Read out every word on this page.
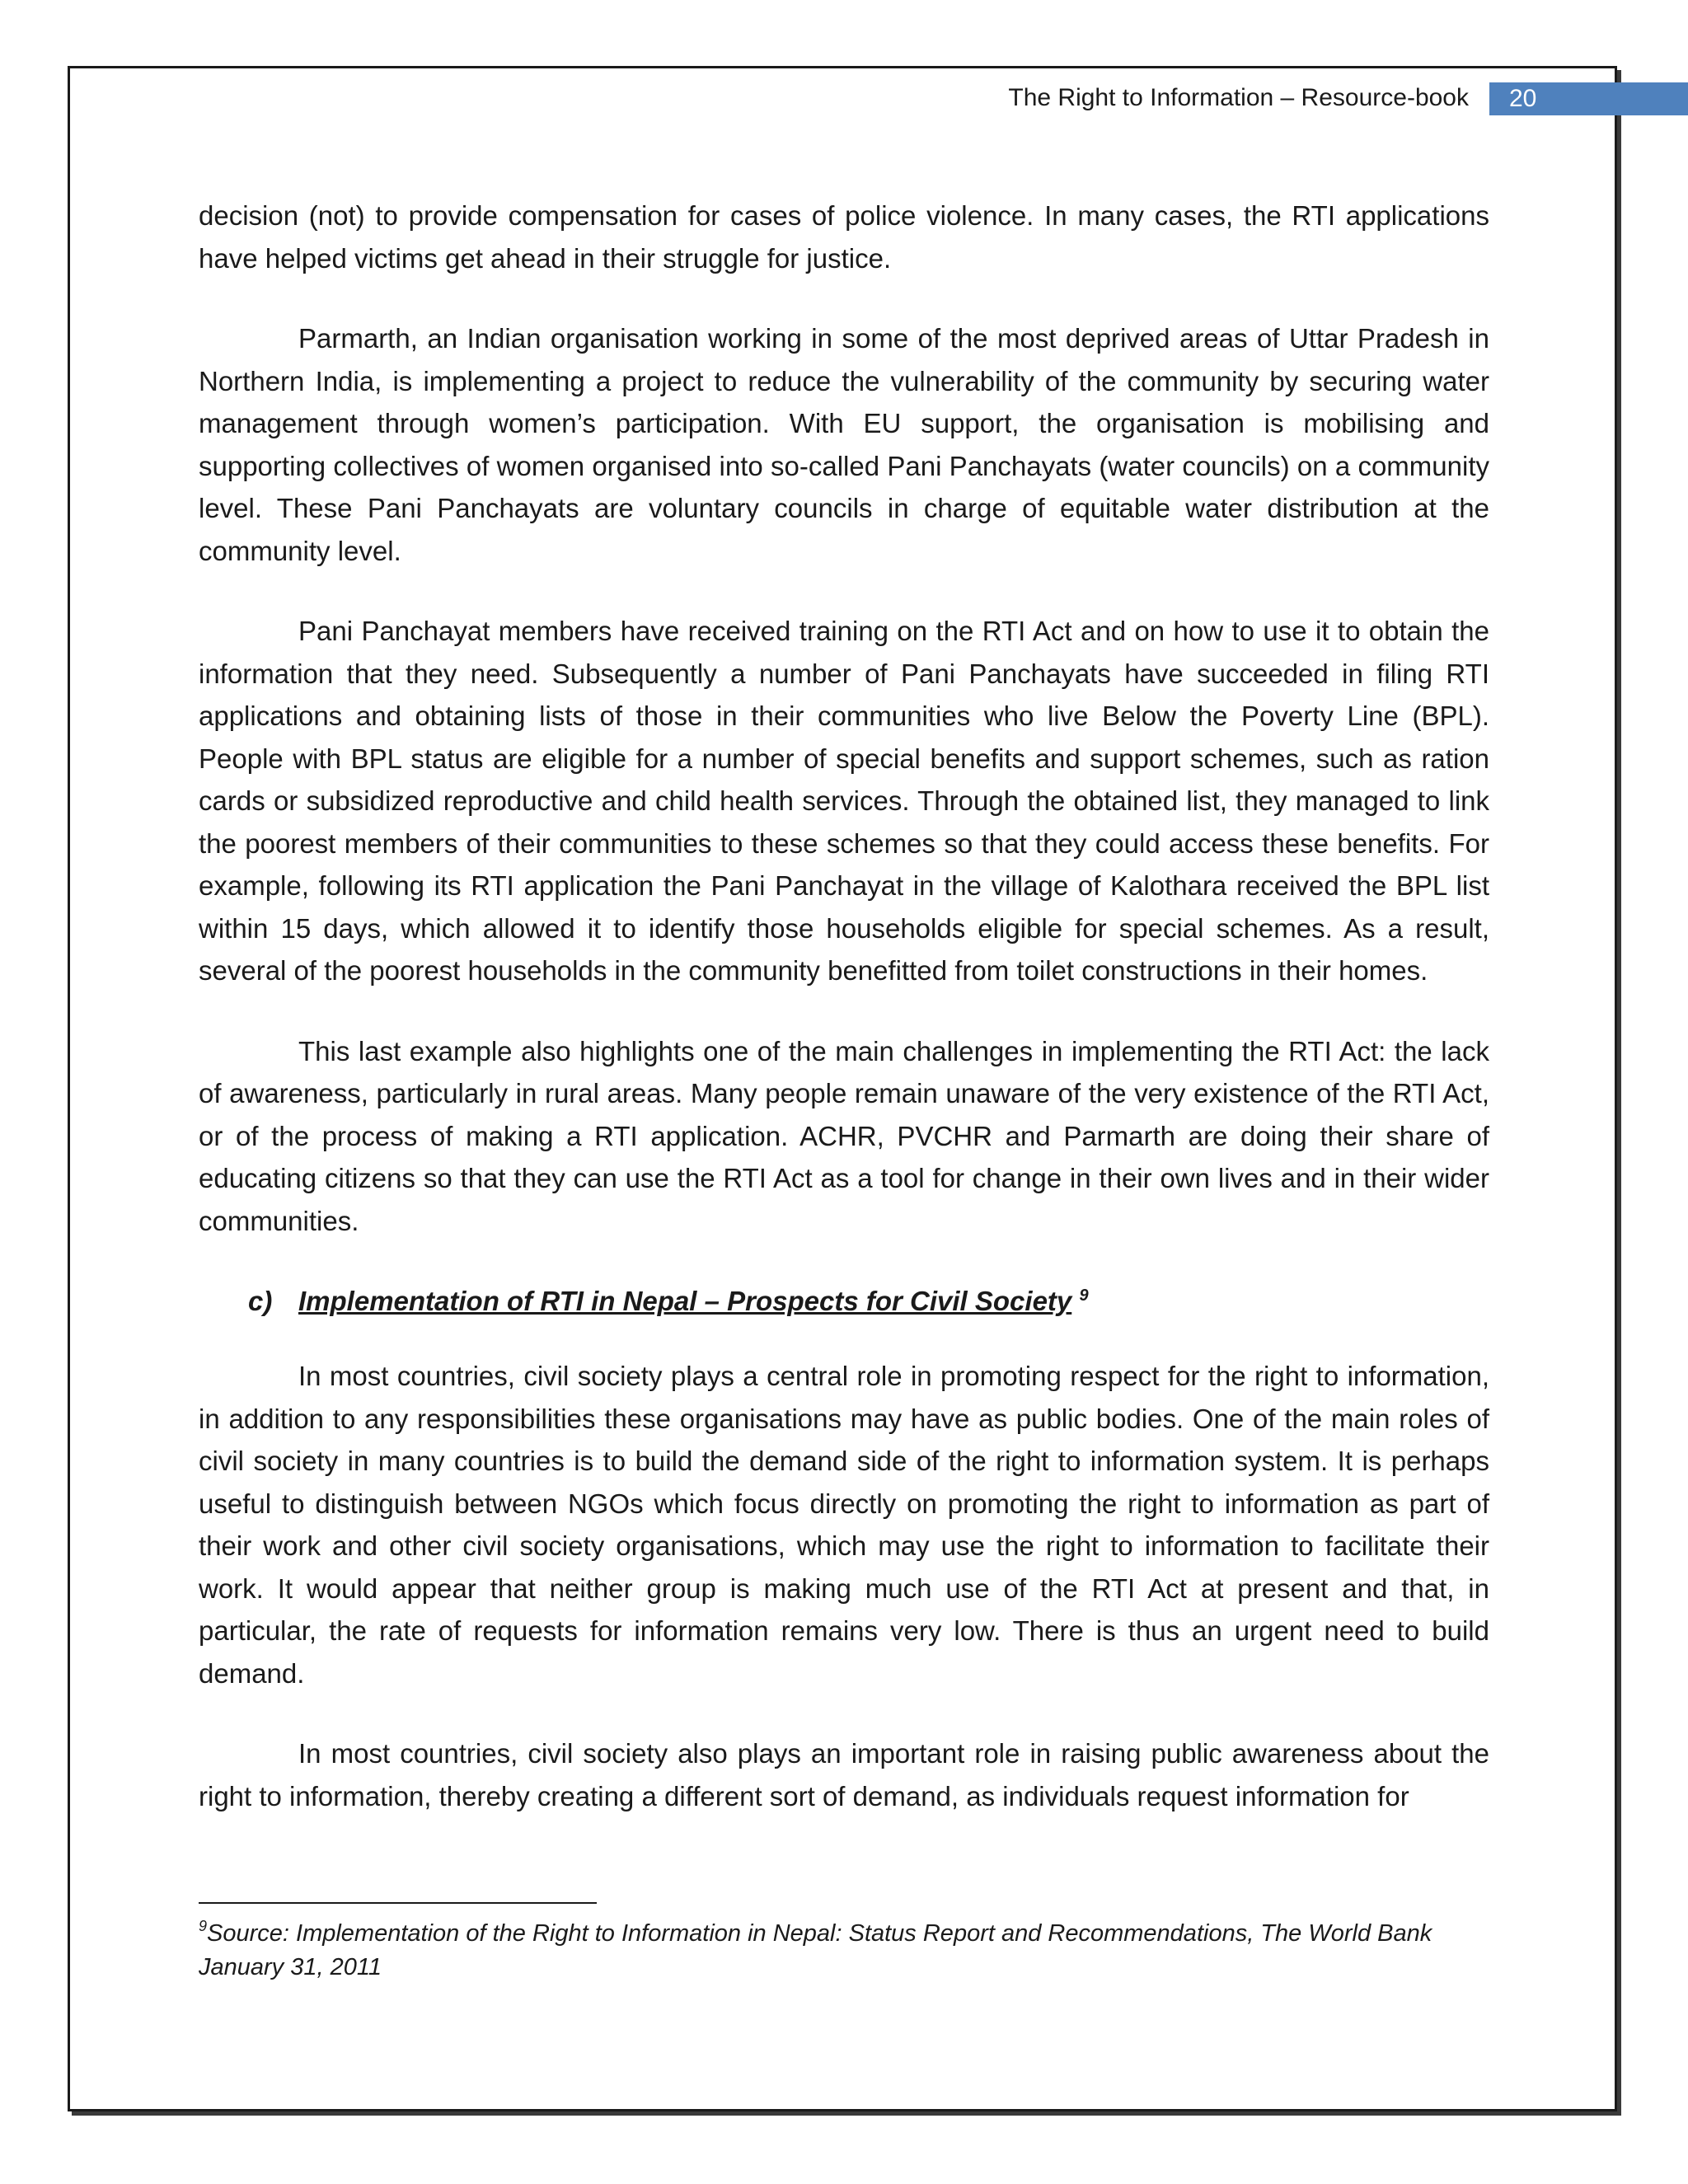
The Right to Information – Resource-book	20

decision (not) to provide compensation for cases of police violence. In many cases, the RTI applications have helped victims get ahead in their struggle for justice.

Parmarth, an Indian organisation working in some of the most deprived areas of Uttar Pradesh in Northern India, is implementing a project to reduce the vulnerability of the community by securing water management through women’s participation. With EU support, the organisation is mobilising and supporting collectives of women organised into so-called Pani Panchayats (water councils) on a community level. These Pani Panchayats are voluntary councils in charge of equitable water distribution at the community level.

Pani Panchayat members have received training on the RTI Act and on how to use it to obtain the information that they need. Subsequently a number of Pani Panchayats have succeeded in filing RTI applications and obtaining lists of those in their communities who live Below the Poverty Line (BPL). People with BPL status are eligible for a number of special benefits and support schemes, such as ration cards or subsidized reproductive and child health services. Through the obtained list, they managed to link the poorest members of their communities to these schemes so that they could access these benefits. For example, following its RTI application the Pani Panchayat in the village of Kalothara received the BPL list within 15 days, which allowed it to identify those households eligible for special schemes. As a result, several of the poorest households in the community benefitted from toilet constructions in their homes.

This last example also highlights one of the main challenges in implementing the RTI Act: the lack of awareness, particularly in rural areas. Many people remain unaware of the very existence of the RTI Act, or of the process of making a RTI application. ACHR, PVCHR and Parmarth are doing their share of educating citizens so that they can use the RTI Act as a tool for change in their own lives and in their wider communities.

c) Implementation of RTI in Nepal – Prospects for Civil Society $^9$

In most countries, civil society plays a central role in promoting respect for the right to information, in addition to any responsibilities these organisations may have as public bodies. One of the main roles of civil society in many countries is to build the demand side of the right to information system. It is perhaps useful to distinguish between NGOs which focus directly on promoting the right to information as part of their work and other civil society organisations, which may use the right to information to facilitate their work. It would appear that neither group is making much use of the RTI Act at present and that, in particular, the rate of requests for information remains very low. There is thus an urgent need to build demand.

In most countries, civil society also plays an important role in raising public awareness about the right to information, thereby creating a different sort of demand, as individuals request information for

$^9$Source: Implementation of the Right to Information in Nepal: Status Report and Recommendations, The World Bank January 31, 2011
